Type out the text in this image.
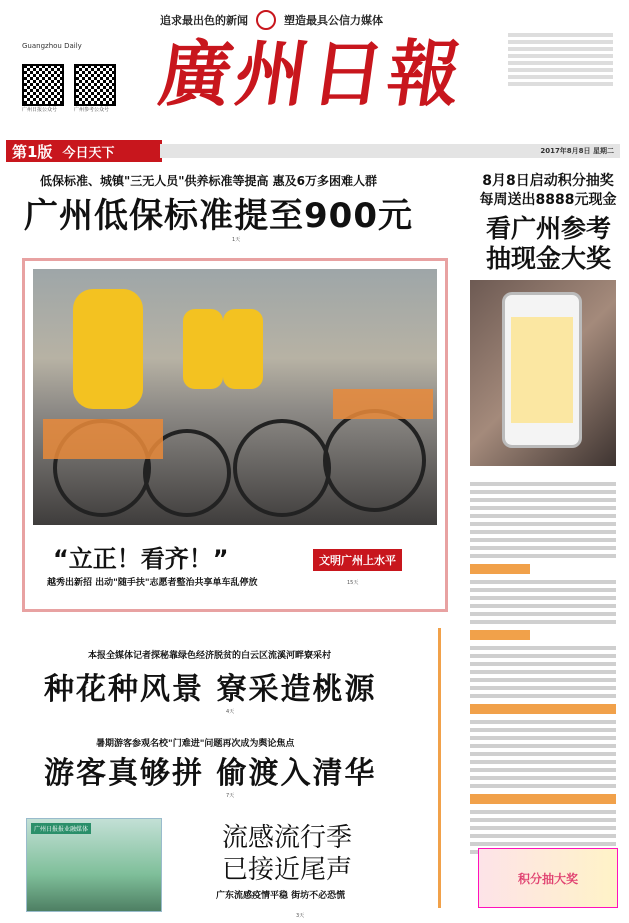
追求最出色的新闻	塑造最具公信力媒体
Guangzhou Daily
广州日报公众号	广州参考公众号 廣州日報
第1版 今日天下	2017年8月8日 星期二
低保标准、城镇"三无人员"供养标准等提高 惠及6万多困难人群
广州低保标准提至900元
1天
8月8日启动积分抽奖
每周送出8888元现金
看广州参考
抽现金大奖
“立正！看齐！”	文明广州上水平
越秀出新招 出动"随手扶"志愿者整治共享单车乱停放	15天
本报全媒体记者探秘靠绿色经济脱贫的白云区流溪河畔寮采村
种花种风景 寮采造桃源
4天
暑期游客参观名校"门难进"问题再次成为舆论焦点
游客真够拼 偷渡入清华
7天
广州日报报业融媒体	流感流行季
已接近尾声
广东流感疫情平稳 街坊不必恐慌
3天
积分抽大奖
